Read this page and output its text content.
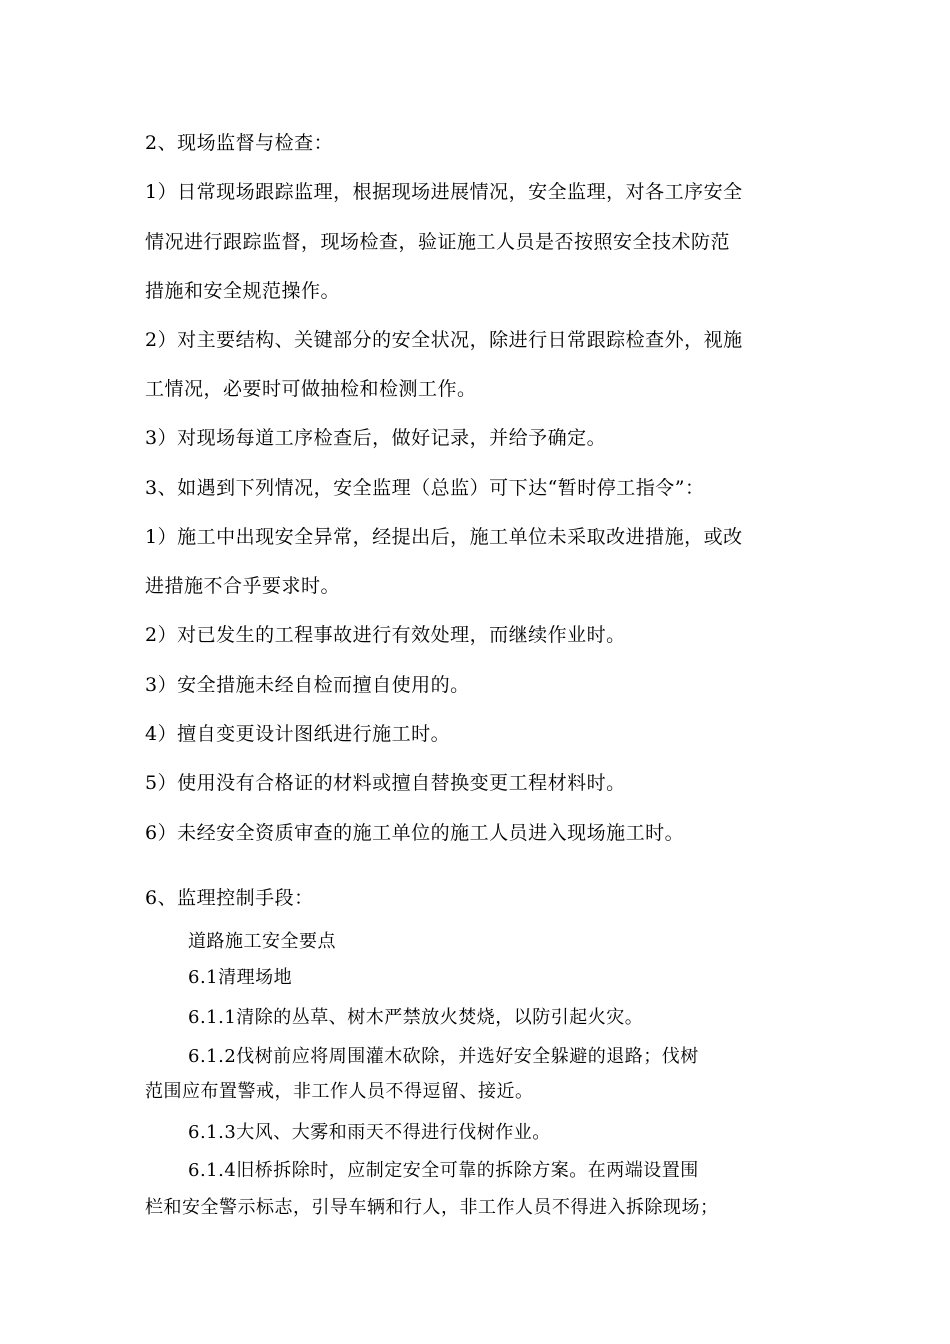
2、现场监督与检查：
1）日常现场跟踪监理，根据现场进展情况，安全监理，对各工序安全
情况进行跟踪监督，现场检查，验证施工人员是否按照安全技术防范
措施和安全规范操作。
2）对主要结构、关键部分的安全状况，除进行日常跟踪检查外，视施
工情况，必要时可做抽检和检测工作。
3）对现场每道工序检查后，做好记录，并给予确定。
3、如遇到下列情况，安全监理（总监）可下达“暂时停工指令”：
1）施工中出现安全异常，经提出后，施工单位未采取改进措施，或改
进措施不合乎要求时。
2）对已发生的工程事故进行有效处理，而继续作业时。
3）安全措施未经自检而擅自使用的。
4）擅自变更设计图纸进行施工时。
5）使用没有合格证的材料或擅自替换变更工程材料时。
6）未经安全资质审查的施工单位的施工人员进入现场施工时。
6、监理控制手段：
道路施工安全要点
6.1清理场地
6.1.1清除的丛草、树木严禁放火焚烧，以防引起火灾。
6.1.2伐树前应将周围灌木砍除，并选好安全躲避的退路；伐树
范围应布置警戒，非工作人员不得逗留、接近。
6.1.3大风、大雾和雨天不得进行伐树作业。
6.1.4旧桥拆除时，应制定安全可靠的拆除方案。在两端设置围
栏和安全警示标志，引导车辆和行人，非工作人员不得进入拆除现场；
